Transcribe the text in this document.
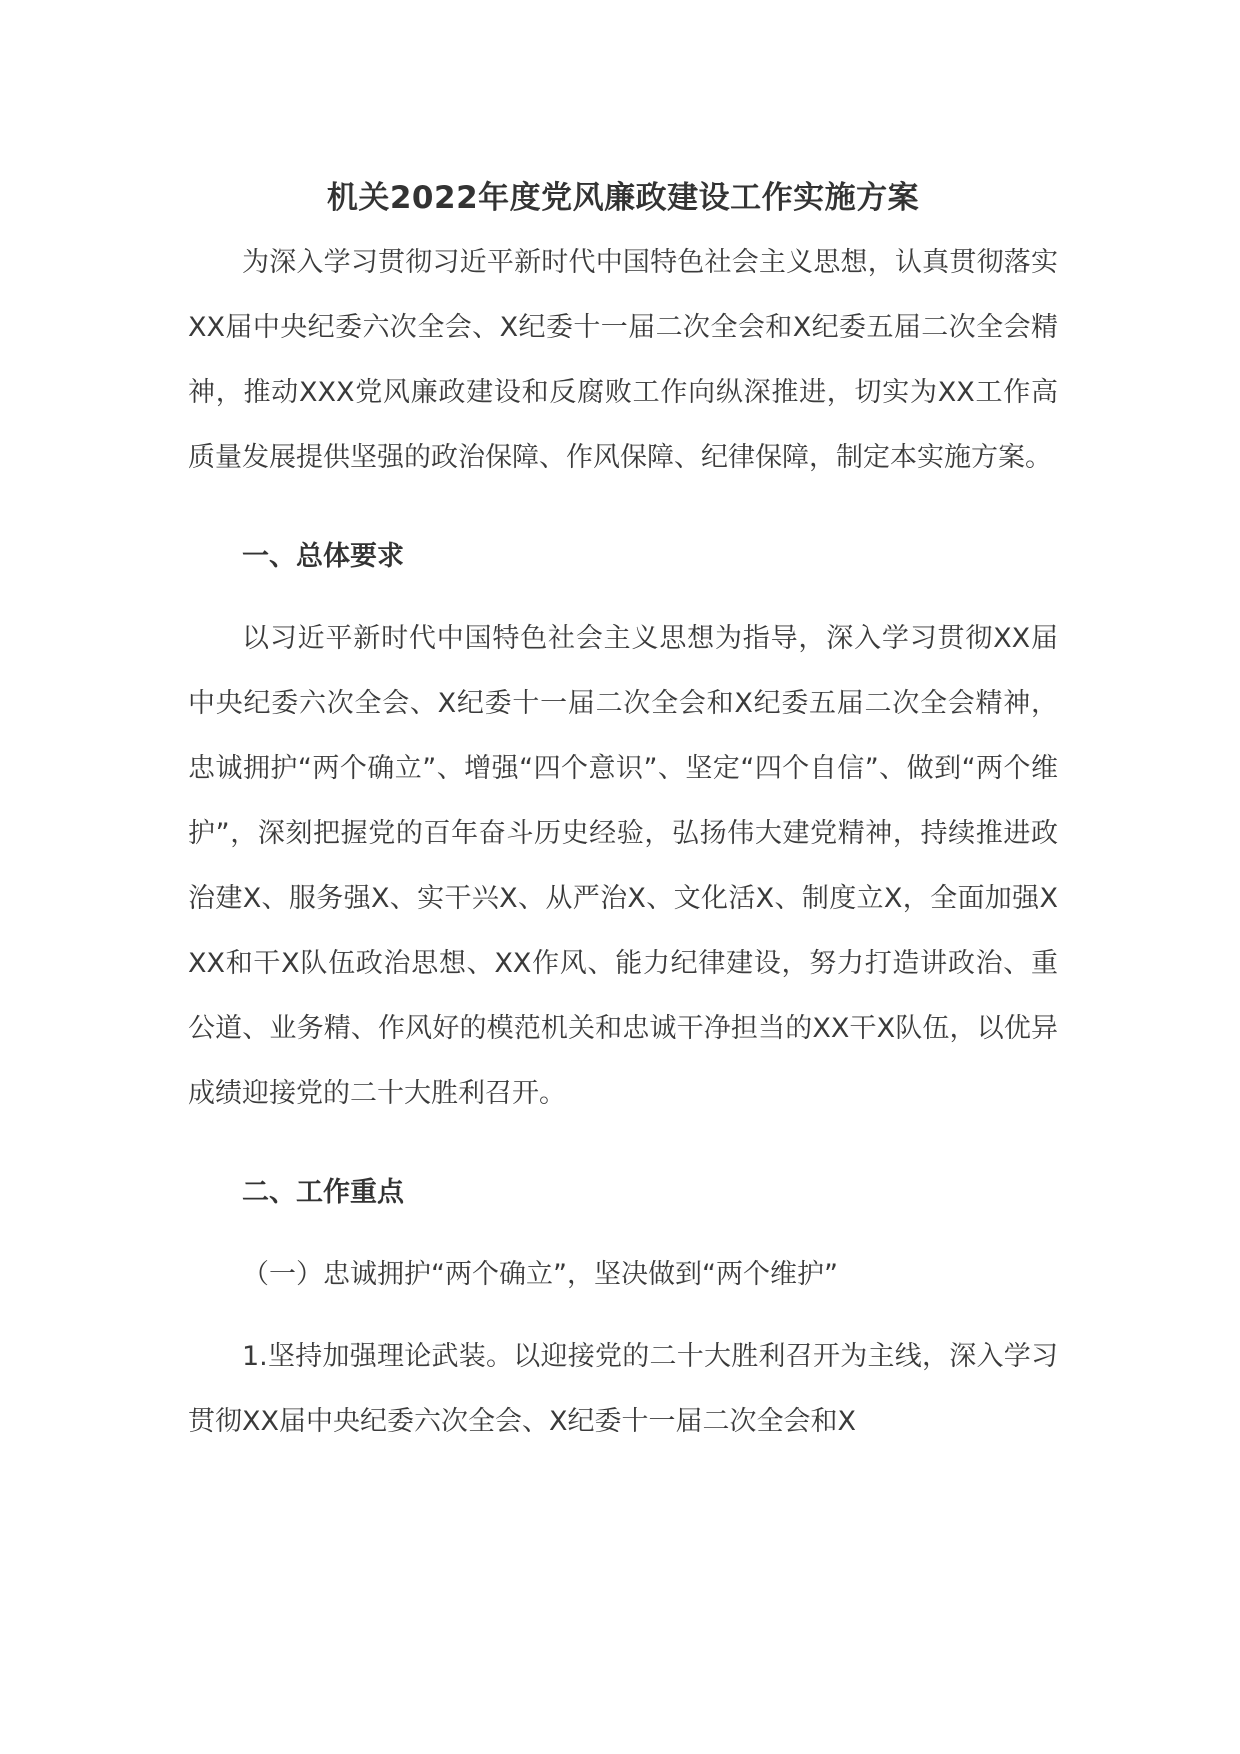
机关2022年度党风廉政建设工作实施方案

为深入学习贯彻习近平新时代中国特色社会主义思想，认真贯彻落实XX届中央纪委六次全会、X纪委十一届二次全会和X纪委五届二次全会精神，推动XXX党风廉政建设和反腐败工作向纵深推进，切实为XX工作高质量发展提供坚强的政治保障、作风保障、纪律保障，制定本实施方案。

一、总体要求

以习近平新时代中国特色社会主义思想为指导，深入学习贯彻XX届中央纪委六次全会、X纪委十一届二次全会和X纪委五届二次全会精神，忠诚拥护“两个确立”、增强“四个意识”、坚定“四个自信”、做到“两个维护”，深刻把握党的百年奋斗历史经验，弘扬伟大建党精神，持续推进政治建X、服务强X、实干兴X、从严治X、文化活X、制度立X，全面加强XXX和干X队伍政治思想、XX作风、能力纪律建设，努力打造讲政治、重公道、业务精、作风好的模范机关和忠诚干净担当的XX干X队伍，以优异成绩迎接党的二十大胜利召开。

二、工作重点

（一）忠诚拥护“两个确立”，坚决做到“两个维护”

1.坚持加强理论武装。以迎接党的二十大胜利召开为主线，深入学习贯彻XX届中央纪委六次全会、X纪委十一届二次全会和X
